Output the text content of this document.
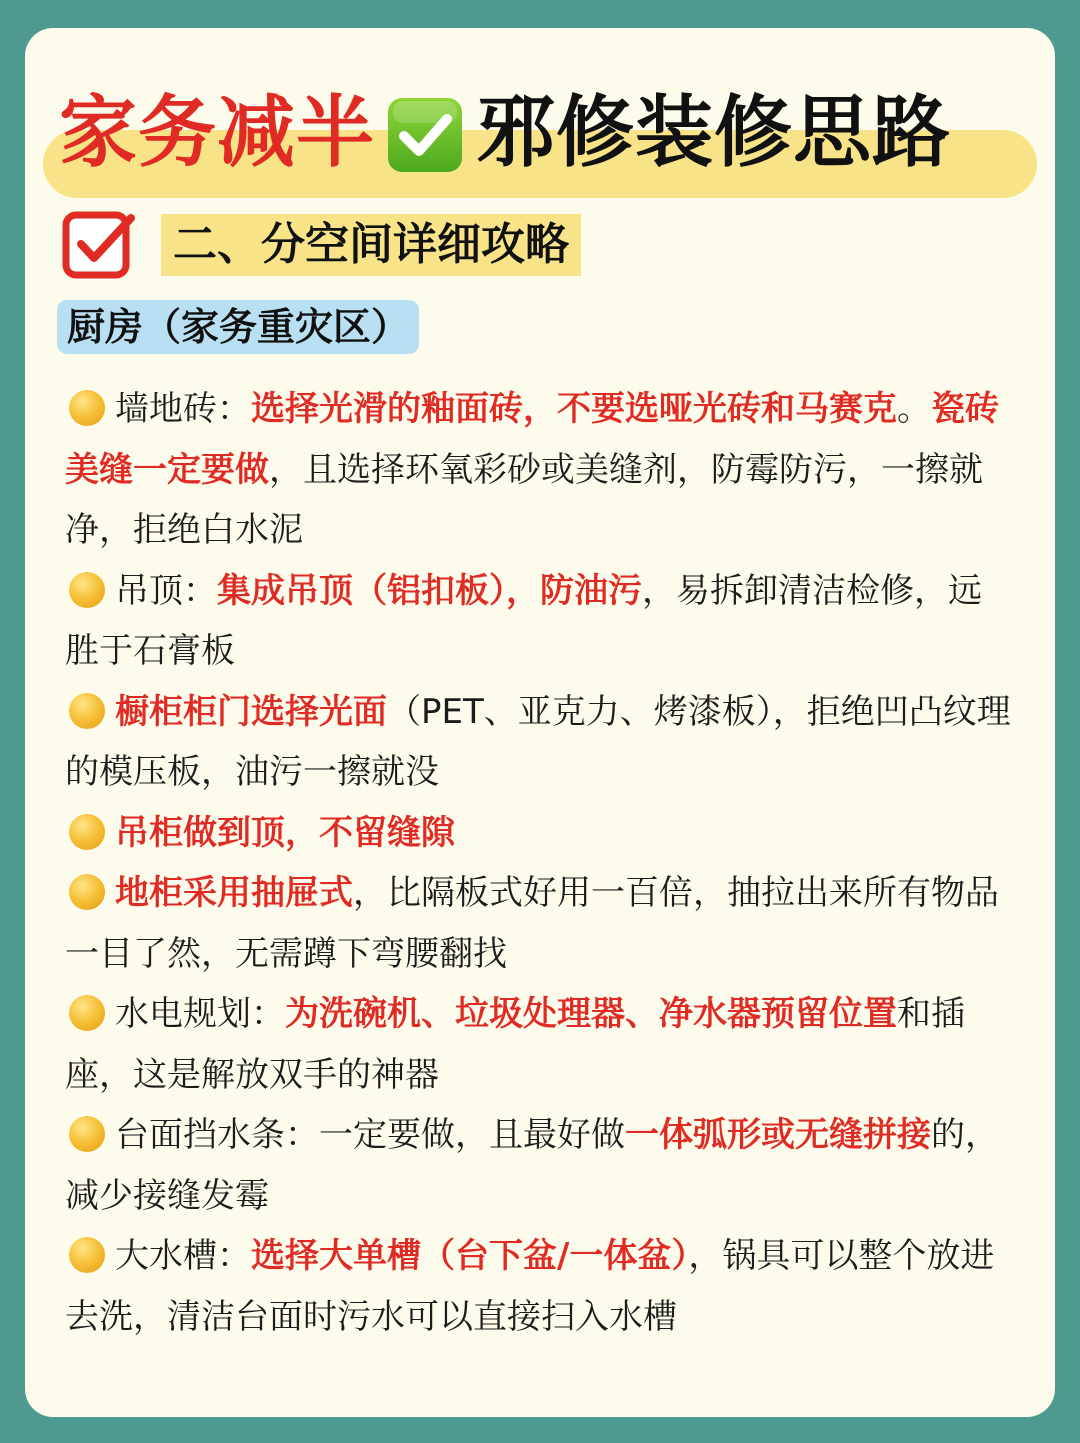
家务减半 邪修装修思路
二、分空间详细攻略
厨房（家务重灾区）

墙地砖：选择光滑的釉面砖，不要选哑光砖和马赛克。瓷砖美缝一定要做，且选择环氧彩砂或美缝剂，防霉防污，一擦就净，拒绝白水泥

吊顶：集成吊顶（铝扣板），防油污，易拆卸清洁检修，远胜于石膏板

橱柜柜门选择光面（PET、亚克力、烤漆板），拒绝凹凸纹理的模压板，油污一擦就没

吊柜做到顶，不留缝隙

地柜采用抽屉式，比隔板式好用一百倍，抽拉出来所有物品一目了然，无需蹲下弯腰翻找

水电规划：为洗碗机、垃圾处理器、净水器预留位置和插座，这是解放双手的神器

台面挡水条：一定要做，且最好做一体弧形或无缝拼接的，减少接缝发霉

大水槽：选择大单槽（台下盆/一体盆），锅具可以整个放进去洗，清洁台面时污水可以直接扫入水槽
